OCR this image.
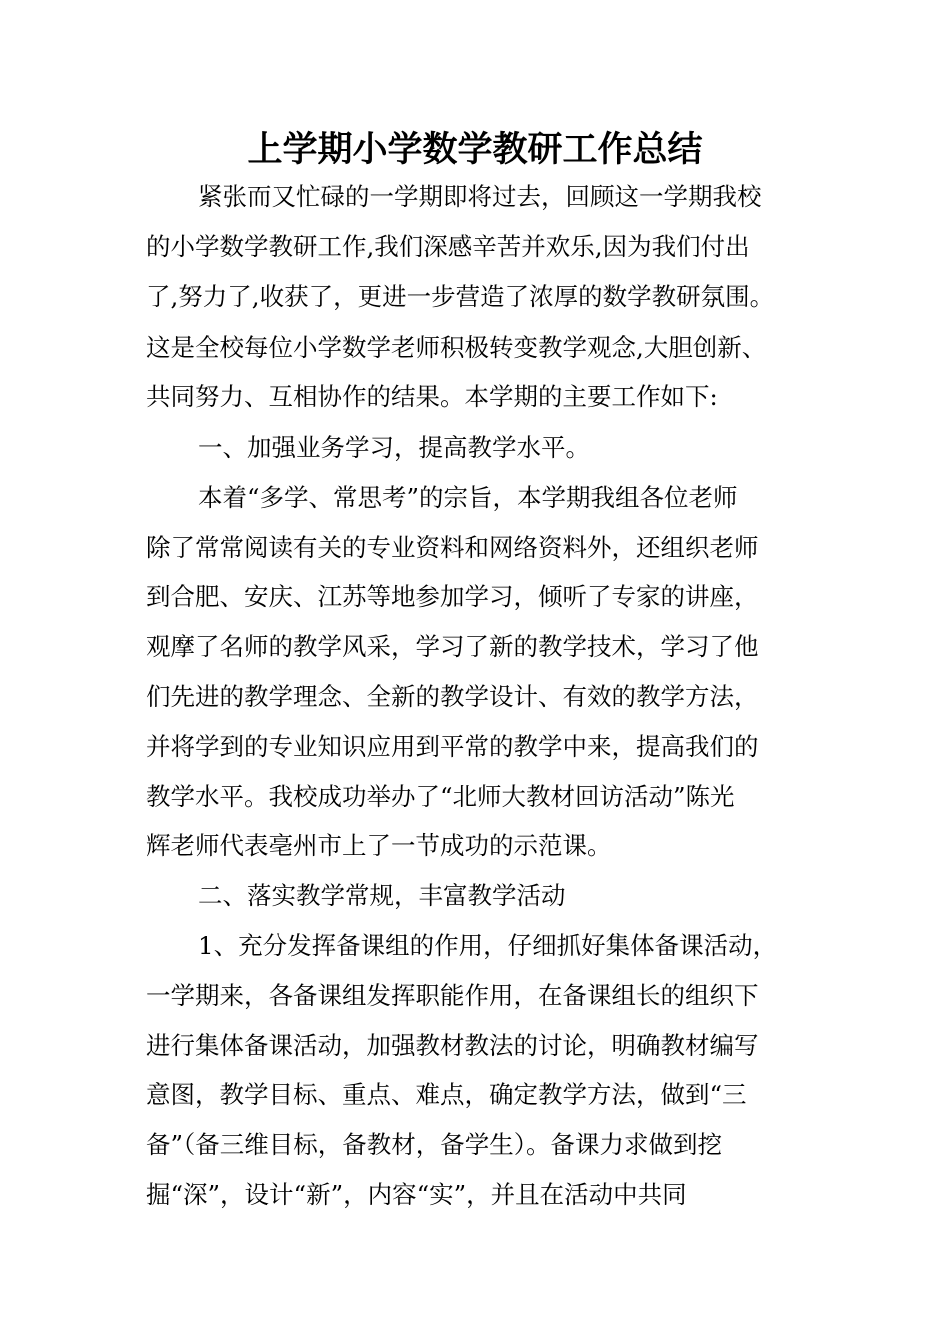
上学期小学数学教研工作总结

紧张而又忙碌的一学期即将过去，回顾这一学期我校

的小学数学教研工作,我们深感辛苦并欢乐,因为我们付出

了,努力了,收获了，更进一步营造了浓厚的数学教研氛围。

这是全校每位小学数学老师积极转变教学观念,大胆创新、

共同努力、互相协作的结果。本学期的主要工作如下:

一、加强业务学习，提高教学水平。

本着“多学、常思考”的宗旨，本学期我组各位老师

除了常常阅读有关的专业资料和网络资料外，还组织老师

到合肥、安庆、江苏等地参加学习，倾听了专家的讲座，

观摩了名师的教学风采，学习了新的教学技术，学习了他

们先进的教学理念、全新的教学设计、有效的教学方法，

并将学到的专业知识应用到平常的教学中来，提高我们的

教学水平。我校成功举办了“北师大教材回访活动”陈光

辉老师代表亳州市上了一节成功的示范课。

二、落实教学常规，丰富教学活动

1、充分发挥备课组的作用，仔细抓好集体备课活动，

一学期来，各备课组发挥职能作用，在备课组长的组织下

进行集体备课活动，加强教材教法的讨论，明确教材编写

意图，教学目标、重点、难点，确定教学方法，做到“三

备”（备三维目标，备教材，备学生）。备课力求做到挖

掘“深”，设计“新”，内容“实”，并且在活动中共同
